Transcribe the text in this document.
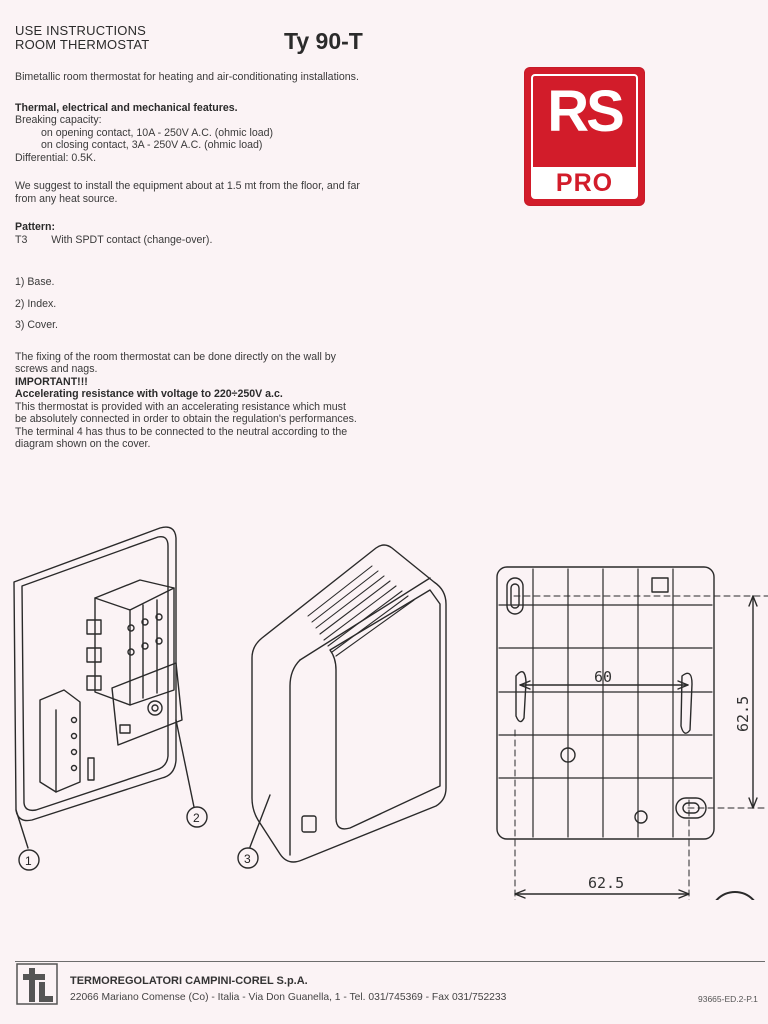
USE INSTRUCTIONS
ROOM THERMOSTAT	Ty 90-T
RS
PRO
Bimetallic room thermostat for heating and air-conditionating installations.
Thermal, electrical and mechanical features.
Breaking capacity:
on opening contact, 10A - 250V A.C. (ohmic load)
on closing contact, 3A - 250V A.C. (ohmic load)
Differential: 0.5K.
We suggest to install the equipment about at 1.5 mt from the floor, and far
from any heat source.
Pattern:
T3 With SPDT contact (change-over).
1) Base.
2) Index.
3) Cover.
The fixing of the room thermostat can be done directly on the wall by
screws and nags.
IMPORTANT!!!
Accelerating resistance with voltage to 220÷250V a.c.
This thermostat is provided with an accelerating resistance which must
be absolutely connected in order to obtain the regulation's performances.
The terminal 4 has thus to be connected to the neutral according to the
diagram shown on the cover.
1
2
3
60
62.5
62.5
TERMOREGOLATORI CAMPINI-COREL S.p.A.
22066 Mariano Comense (Co) - Italia - Via Don Guanella, 1 - Tel. 031/745369 - Fax 031/752233	93665-ED.2-P.1
